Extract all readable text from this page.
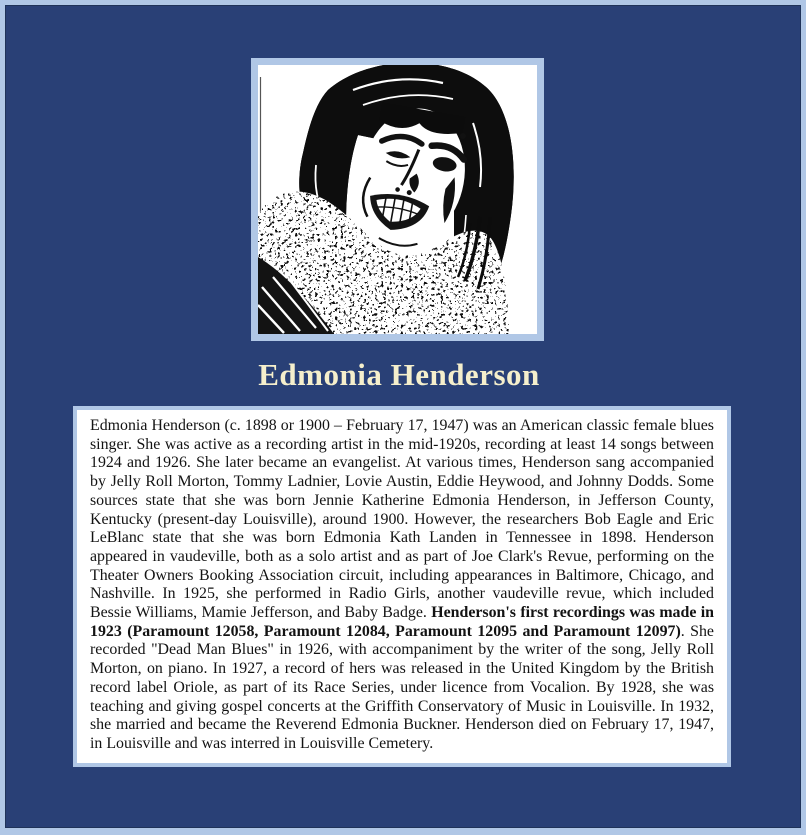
Edmonia Henderson
Edmonia Henderson (c. 1898 or 1900 – February 17, 1947) was an American classic female blues singer. She was active as a recording artist in the mid-1920s, recording at least 14 songs between 1924 and 1926. She later became an evangelist. At various times, Henderson sang accompanied by Jelly Roll Morton, Tommy Ladnier, Lovie Austin, Eddie Heywood, and Johnny Dodds. Some sources state that she was born Jennie Katherine Edmonia Henderson, in Jefferson County, Kentucky (present-day Louisville), around 1900. However, the researchers Bob Eagle and Eric LeBlanc state that she was born Edmonia Kath Landen in Tennessee in 1898. Henderson appeared in vaudeville, both as a solo artist and as part of Joe Clark's Revue, performing on the Theater Owners Booking Association circuit, including appearances in Baltimore, Chicago, and Nashville. In 1925, she performed in Radio Girls, another vaudeville revue, which included Bessie Williams, Mamie Jefferson, and Baby Badge. Henderson's first recordings was made in 1923 (Paramount 12058, Paramount 12084, Paramount 12095 and Paramount 12097). She recorded "Dead Man Blues" in 1926, with accompaniment by the writer of the song, Jelly Roll Morton, on piano. In 1927, a record of hers was released in the United Kingdom by the British record label Oriole, as part of its Race Series, under licence from Vocalion. By 1928, she was teaching and giving gospel concerts at the Griffith Conservatory of Music in Louisville. In 1932, she married and became the Reverend Edmonia Buckner. Henderson died on February 17, 1947, in Louisville and was interred in Louisville Cemetery.
